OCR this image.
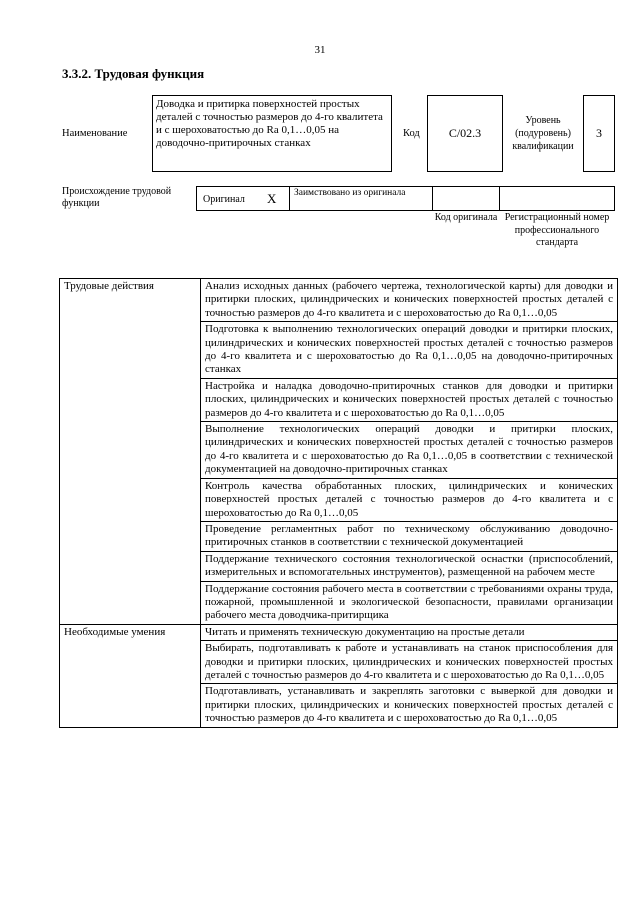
31
3.3.2. Трудовая функция
Наименование
Доводка и притирка поверхностей простых деталей с точностью размеров до 4-го квалитета и с шероховатостью до Ra 0,1…0,05 на доводочно-притирочных станках
Код	C/02.3
Уровень (подуровень) квалификации
3
Происхождение трудовой функции	Оригинал X Заимствовано из оригинала
Код оригинала Регистрационный номер профессионального стандарта
Трудовые действия	Анализ исходных данных (рабочего чертежа, технологической карты) для доводки и притирки плоских, цилиндрических и конических поверхностей простых деталей с точностью размеров до 4-го квалитета и с шероховатостью до Ra 0,1…0,05
	Подготовка к выполнению технологических операций доводки и притирки плоских, цилиндрических и конических поверхностей простых деталей с точностью размеров до 4-го квалитета и с шероховатостью до Ra 0,1…0,05 на доводочно-притирочных станках
	Настройка и наладка доводочно-притирочных станков для доводки и притирки плоских, цилиндрических и конических поверхностей простых деталей с точностью размеров до 4-го квалитета и с шероховатостью до Ra 0,1…0,05
	Выполнение технологических операций доводки и притирки плоских, цилиндрических и конических поверхностей простых деталей с точностью размеров до 4-го квалитета и с шероховатостью до Ra 0,1…0,05 в соответствии с технической документацией на доводочно-притирочных станках
	Контроль качества обработанных плоских, цилиндрических и конических поверхностей простых деталей с точностью размеров до 4-го квалитета и с шероховатостью до Ra 0,1…0,05
	Проведение регламентных работ по техническому обслуживанию доводочно-притирочных станков в соответствии с технической документацией
	Поддержание технического состояния технологической оснастки (приспособлений, измерительных и вспомогательных инструментов), размещенной на рабочем месте
	Поддержание состояния рабочего места в соответствии с требованиями охраны труда, пожарной, промышленной и экологической безопасности, правилами организации рабочего места доводчика-притирщика
Необходимые умения	Читать и применять техническую документацию на простые детали
	Выбирать, подготавливать к работе и устанавливать на станок приспособления для доводки и притирки плоских, цилиндрических и конических поверхностей простых деталей с точностью размеров до 4-го квалитета и с шероховатостью до Ra 0,1…0,05
	Подготавливать, устанавливать и закреплять заготовки с выверкой для доводки и притирки плоских, цилиндрических и конических поверхностей простых деталей с точностью размеров до 4-го квалитета и с шероховатостью до Ra 0,1…0,05
